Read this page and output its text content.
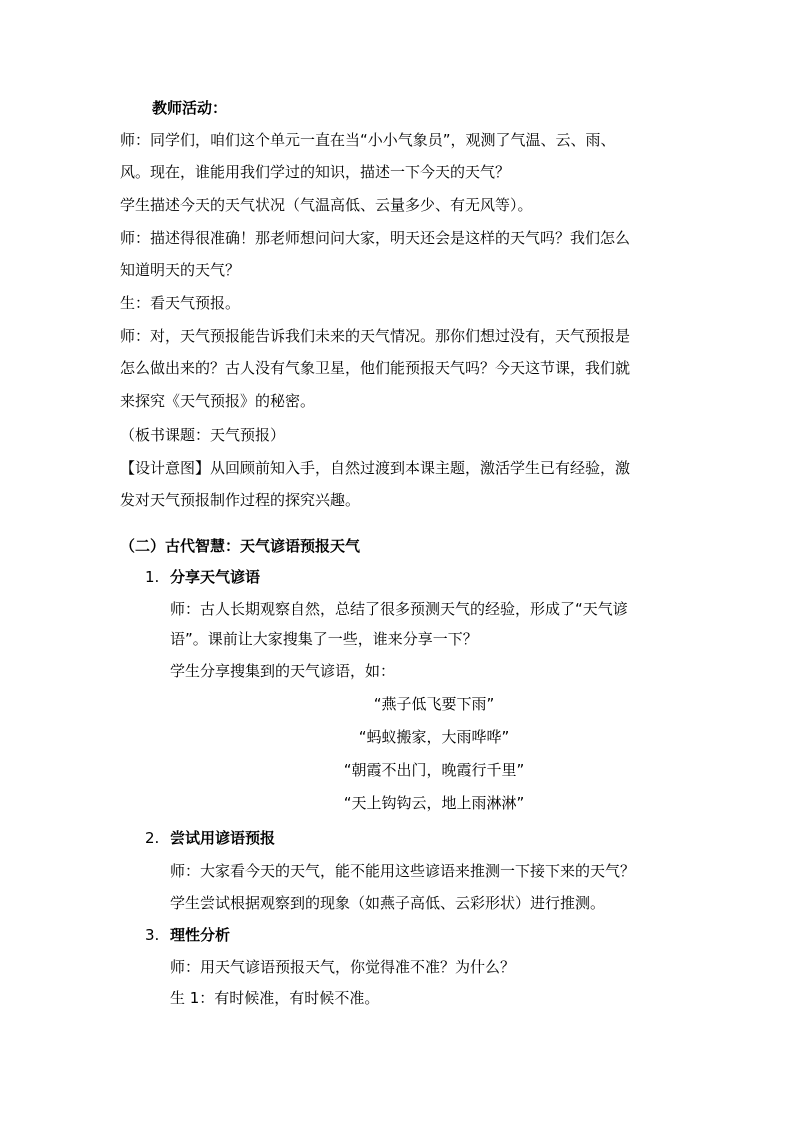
教师活动：
师：同学们，咱们这个单元一直在当“小小气象员”，观测了气温、云、雨、
风。现在，谁能用我们学过的知识，描述一下今天的天气？
学生描述今天的天气状况（气温高低、云量多少、有无风等）。
师：描述得很准确！那老师想问问大家，明天还会是这样的天气吗？我们怎么
知道明天的天气？
生：看天气预报。
师：对，天气预报能告诉我们未来的天气情况。那你们想过没有，天气预报是
怎么做出来的？古人没有气象卫星，他们能预报天气吗？今天这节课，我们就
来探究《天气预报》的秘密。
（板书课题：天气预报）
【设计意图】从回顾前知入手，自然过渡到本课主题，激活学生已有经验，激
发对天气预报制作过程的探究兴趣。
（二）古代智慧：天气谚语预报天气
1. 分享天气谚语
师：古人长期观察自然，总结了很多预测天气的经验，形成了“天气谚
语”。课前让大家搜集了一些，谁来分享一下？
学生分享搜集到的天气谚语，如：
“燕子低飞要下雨”
“蚂蚁搬家，大雨哗哗”
“朝霞不出门，晚霞行千里”
“天上钩钩云，地上雨淋淋”
2. 尝试用谚语预报
师：大家看今天的天气，能不能用这些谚语来推测一下接下来的天气？
学生尝试根据观察到的现象（如燕子高低、云彩形状）进行推测。
3. 理性分析
师：用天气谚语预报天气，你觉得准不准？为什么？
生 1：有时候准，有时候不准。
